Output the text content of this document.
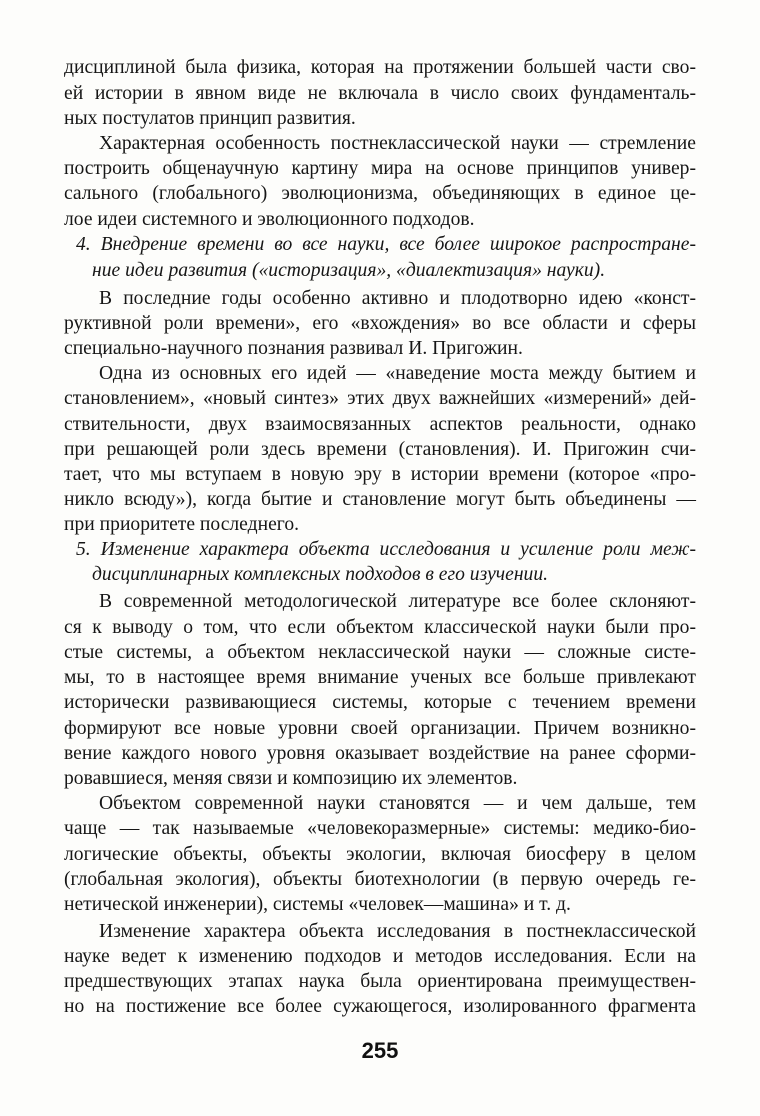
дисциплиной была физика, которая на протяжении большей части сво-

ей истории в явном виде не включала в число своих фундаменталь-

ных постулатов принцип развития.

Характерная особенность постнеклассической науки — стремление

построить общенаучную картину мира на основе принципов универ-

сального (глобального) эволюционизма, объединяющих в единое це-

лое идеи системного и эволюционного подходов.

4. Внедрение времени во все науки, все более широкое распростране-

ние идеи развития («историзация», «диалектизация» науки).

В последние годы особенно активно и плодотворно идею «конст-

руктивной роли времени», его «вхождения» во все области и сферы

специально-научного познания развивал И. Пригожин.

Одна из основных его идей — «наведение моста между бытием и

становлением», «новый синтез» этих двух важнейших «измерений» дей-

ствительности, двух взаимосвязанных аспектов реальности, однако

при решающей роли здесь времени (становления). И. Пригожин счи-

тает, что мы вступаем в новую эру в истории времени (которое «про-

никло всюду»), когда бытие и становление могут быть объединены —

при приоритете последнего.

5. Изменение характера объекта исследования и усиление роли меж-

дисциплинарных комплексных подходов в его изучении.

В современной методологической литературе все более склоняют-

ся к выводу о том, что если объектом классической науки были про-

стые системы, а объектом неклассической науки — сложные систе-

мы, то в настоящее время внимание ученых все больше привлекают

исторически развивающиеся системы, которые с течением времени

формируют все новые уровни своей организации. Причем возникно-

вение каждого нового уровня оказывает воздействие на ранее сформи-

ровавшиеся, меняя связи и композицию их элементов.

Объектом современной науки становятся — и чем дальше, тем

чаще — так называемые «человекоразмерные» системы: медико-био-

логические объекты, объекты экологии, включая биосферу в целом

(глобальная экология), объекты биотехнологии (в первую очередь ге-

нетической инженерии), системы «человек—машина» и т. д.

Изменение характера объекта исследования в постнеклассической

науке ведет к изменению подходов и методов исследования. Если на

предшествующих этапах наука была ориентирована преимуществен-

но на постижение все более сужающегося, изолированного фрагмента

255
